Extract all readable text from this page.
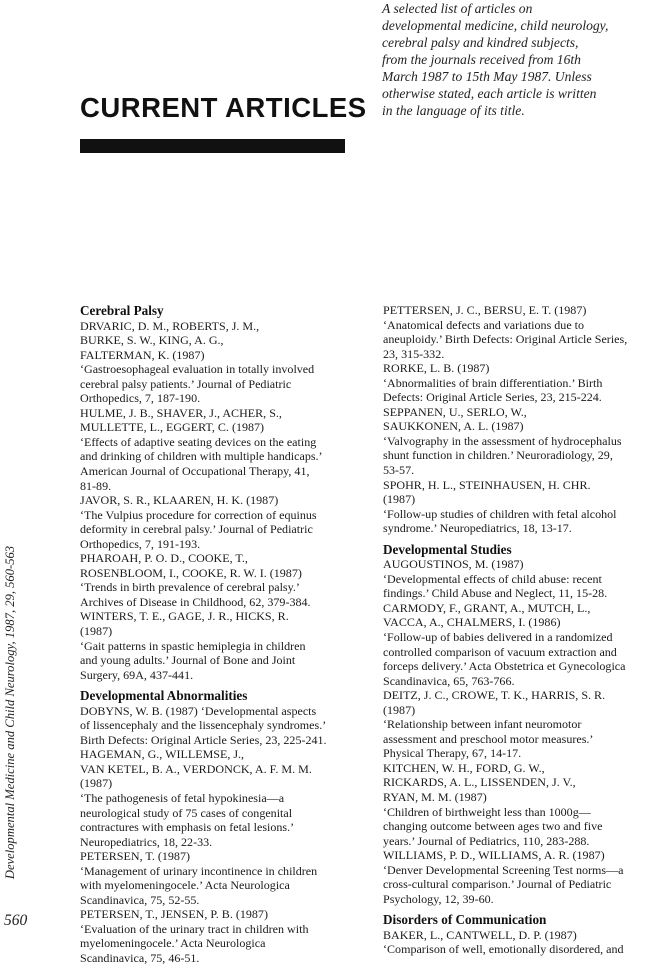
CURRENT ARTICLES

A selected list of articles on
developmental medicine, child neurology,
cerebral palsy and kindred subjects,
from the journals received from 16th
March 1987 to 15th May 1987. Unless
otherwise stated, each article is written
in the language of its title.

Developmental Medicine and Child Neurology, 1987, 29, 560-563
560
Cerebral Palsy
DRVARIC, D. M., ROBERTS, J. M.,
BURKE, S. W., KING, A. G.,
FALTERMAN, K. (1987)
‘Gastroesophageal evaluation in totally involved
cerebral palsy patients.’ Journal of Pediatric
Orthopedics, 7, 187-190.
HULME, J. B., SHAVER, J., ACHER, S.,
MULLETTE, L., EGGERT, C. (1987)
‘Effects of adaptive seating devices on the eating
and drinking of children with multiple handicaps.’
American Journal of Occupational Therapy, 41,
81-89.
JAVOR, S. R., KLAAREN, H. K. (1987)
‘The Vulpius procedure for correction of equinus
deformity in cerebral palsy.’ Journal of Pediatric
Orthopedics, 7, 191-193.
PHAROAH, P. O. D., COOKE, T.,
ROSENBLOOM, I., COOKE, R. W. I. (1987)
‘Trends in birth prevalence of cerebral palsy.’
Archives of Disease in Childhood, 62, 379-384.
WINTERS, T. E., GAGE, J. R., HICKS, R.
(1987)
‘Gait patterns in spastic hemiplegia in children
and young adults.’ Journal of Bone and Joint
Surgery, 69A, 437-441.
Developmental Abnormalities
DOBYNS, W. B. (1987) ‘Developmental aspects
of lissencephaly and the lissencephaly syndromes.’
Birth Defects: Original Article Series, 23, 225-241.
HAGEMAN, G., WILLEMSE, J.,
VAN KETEL, B. A., VERDONCK, A. F. M. M.
(1987)
‘The pathogenesis of fetal hypokinesia—a
neurological study of 75 cases of congenital
contractures with emphasis on fetal lesions.’
Neuropediatrics, 18, 22-33.
PETERSEN, T. (1987)
‘Management of urinary incontinence in children
with myelomeningocele.’ Acta Neurologica
Scandinavica, 75, 52-55.
PETERSEN, T., JENSEN, P. B. (1987)
‘Evaluation of the urinary tract in children with
myelomeningocele.’ Acta Neurologica
Scandinavica, 75, 46-51.
PETTERSEN, J. C., BERSU, E. T. (1987)
‘Anatomical defects and variations due to
aneuploidy.’ Birth Defects: Original Article Series,
23, 315-332.
RORKE, L. B. (1987)
‘Abnormalities of brain differentiation.’ Birth
Defects: Original Article Series, 23, 215-224.
SEPPANEN, U., SERLO, W.,
SAUKKONEN, A. L. (1987)
‘Valvography in the assessment of hydrocephalus
shunt function in children.’ Neuroradiology, 29,
53-57.
SPOHR, H. L., STEINHAUSEN, H. CHR.
(1987)
‘Follow-up studies of children with fetal alcohol
syndrome.’ Neuropediatrics, 18, 13-17.
Developmental Studies
AUGOUSTINOS, M. (1987)
‘Developmental effects of child abuse: recent
findings.’ Child Abuse and Neglect, 11, 15-28.
CARMODY, F., GRANT, A., MUTCH, L.,
VACCA, A., CHALMERS, I. (1986)
‘Follow-up of babies delivered in a randomized
controlled comparison of vacuum extraction and
forceps delivery.’ Acta Obstetrica et Gynecologica
Scandinavica, 65, 763-766.
DEITZ, J. C., CROWE, T. K., HARRIS, S. R.
(1987)
‘Relationship between infant neuromotor
assessment and preschool motor measures.’
Physical Therapy, 67, 14-17.
KITCHEN, W. H., FORD, G. W.,
RICKARDS, A. L., LISSENDEN, J. V.,
RYAN, M. M. (1987)
‘Children of birthweight less than 1000g—
changing outcome between ages two and five
years.’ Journal of Pediatrics, 110, 283-288.
WILLIAMS, P. D., WILLIAMS, A. R. (1987)
‘Denver Developmental Screening Test norms—a
cross-cultural comparison.’ Journal of Pediatric
Psychology, 12, 39-60.
Disorders of Communication
BAKER, L., CANTWELL, D. P. (1987)
‘Comparison of well, emotionally disordered, and
